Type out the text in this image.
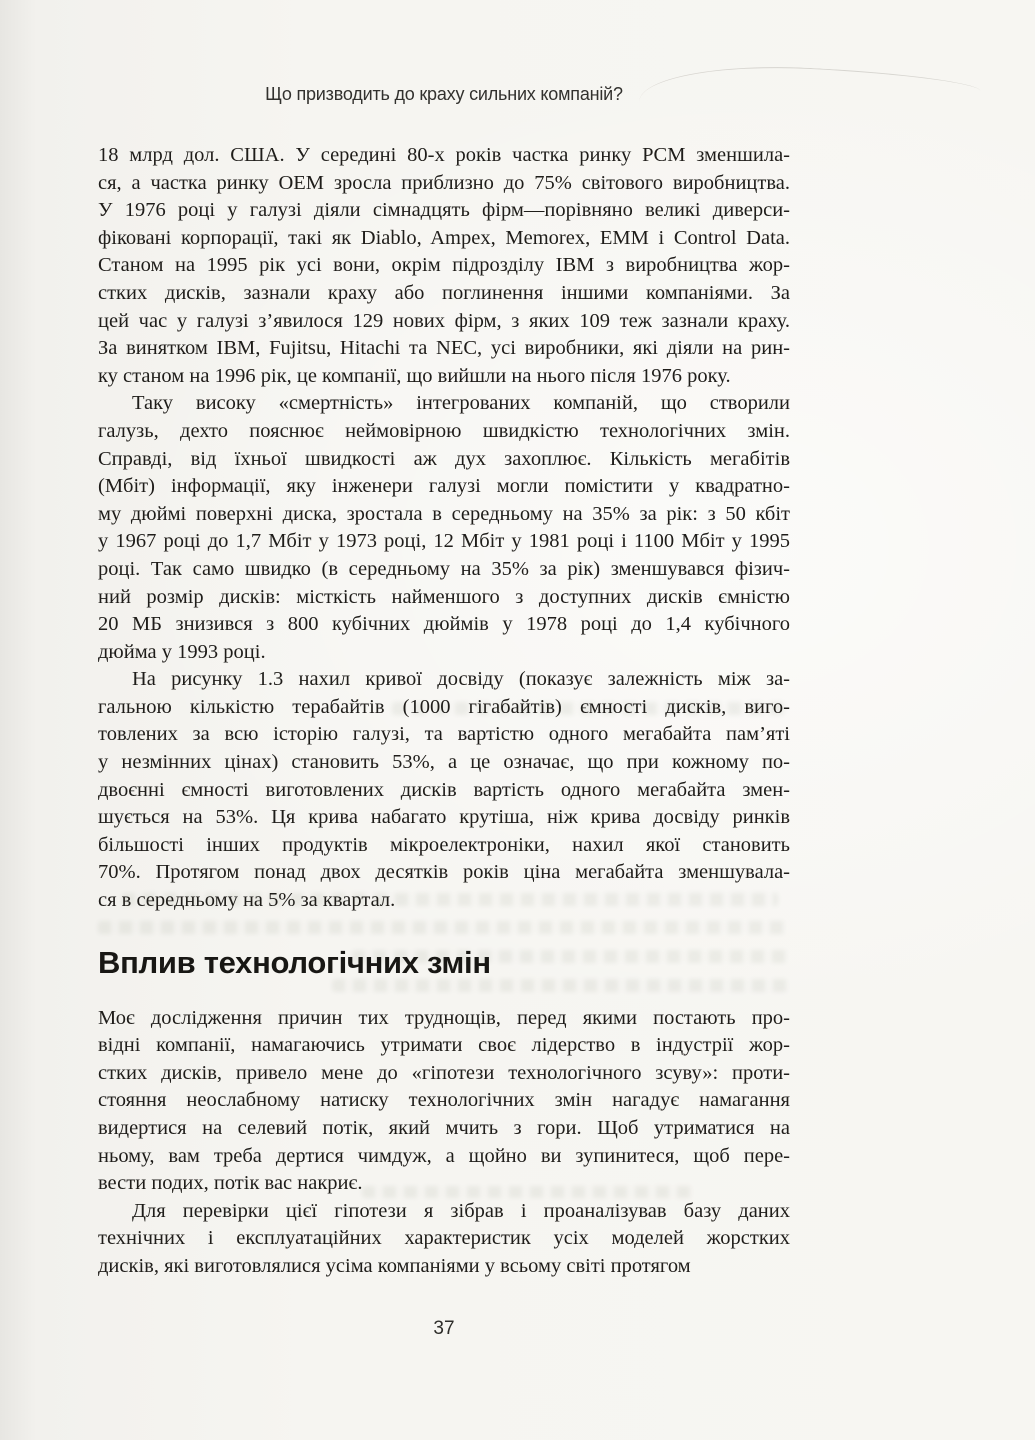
Що призводить до краху сильних компаній?
18 млрд дол. США. У середині 80-х років частка ринку PCM зменшила-
ся, а частка ринку OEM зросла приблизно до 75% світового виробництва.
У 1976 році у галузі діяли сімнадцять фірм—порівняно великі диверси-
фіковані корпорації, такі як Diablo, Ampex, Memorex, EMM і Control Data.
Станом на 1995 рік усі вони, окрім підрозділу IBM з виробництва жор-
стких дисків, зазнали краху або поглинення іншими компаніями. За
цей час у галузі з’явилося 129 нових фірм, з яких 109 теж зазнали краху.
За винятком IBM, Fujitsu, Hitachi та NEC, усі виробники, які діяли на рин-
ку станом на 1996 рік, це компанії, що вийшли на нього після 1976 року.
Таку високу «смертність» інтегрованих компаній, що створили
галузь, дехто пояснює неймовірною швидкістю технологічних змін.
Справді, від їхньої швидкості аж дух захоплює. Кількість мегабітів
(Мбіт) інформації, яку інженери галузі могли помістити у квадратно-
му дюймі поверхні диска, зростала в середньому на 35% за рік: з 50 кбіт
у 1967 році до 1,7 Мбіт у 1973 році, 12 Мбіт у 1981 році і 1100 Мбіт у 1995
році. Так само швидко (в середньому на 35% за рік) зменшувався фізич-
ний розмір дисків: місткість найменшого з доступних дисків ємністю
20 МБ знизився з 800 кубічних дюймів у 1978 році до 1,4 кубічного
дюйма у 1993 році.
На рисунку 1.3 нахил кривої досвіду (показує залежність між за-
гальною кількістю терабайтів (1000 гігабайтів) ємності дисків, виго-
товлених за всю історію галузі, та вартістю одного мегабайта пам’яті
у незмінних цінах) становить 53%, а це означає, що при кожному по-
двоєнні ємності виготовлених дисків вартість одного мегабайта змен-
шується на 53%. Ця крива набагато крутіша, ніж крива досвіду ринків
більшості інших продуктів мікроелектроніки, нахил якої становить
70%. Протягом понад двох десятків років ціна мегабайта зменшувала-
ся в середньому на 5% за квартал.
Вплив технологічних змін
Моє дослідження причин тих труднощів, перед якими постають про-
відні компанії, намагаючись утримати своє лідерство в індустрії жор-
стких дисків, привело мене до «гіпотези технологічного зсуву»: проти-
стояння неослабному натиску технологічних змін нагадує намагання
видертися на селевий потік, який мчить з гори. Щоб утриматися на
ньому, вам треба дертися чимдуж, а щойно ви зупинитеся, щоб пере-
вести подих, потік вас накриє.
Для перевірки цієї гіпотези я зібрав і проаналізував базу даних
технічних і експлуатаційних характеристик усіх моделей жорстких
дисків, які виготовлялися усіма компаніями у всьому світі протягом
37
